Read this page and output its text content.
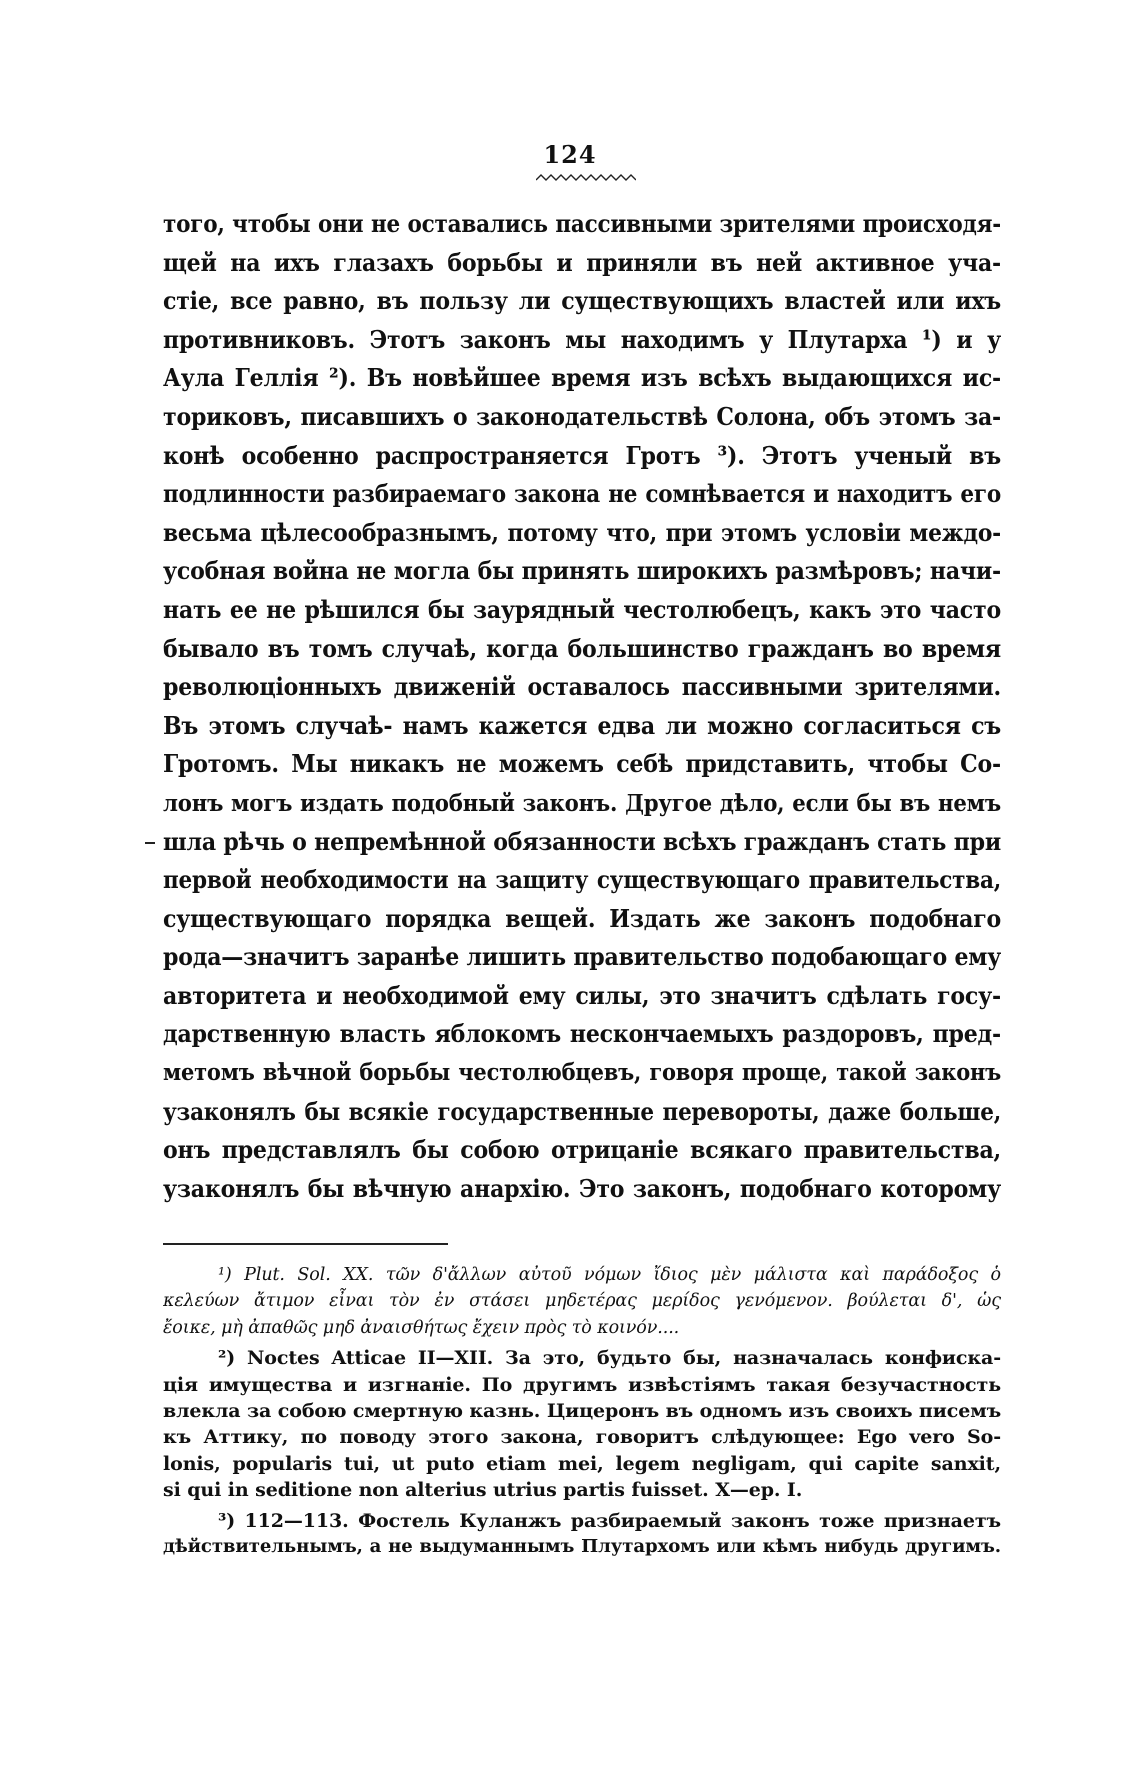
124
того, чтобы они не оставались пассивными зрителями происходя-
щей на ихъ глазахъ борьбы и приняли въ ней активное уча-
стіе, все равно, въ пользу ли существующихъ властей или ихъ
противниковъ. Этотъ законъ мы находимъ у Плутарха ¹) и у
Аула Геллія ²). Въ новѣйшее время изъ всѣхъ выдающихся ис-
ториковъ, писавшихъ о законодательствѣ Солона, объ этомъ за-
конѣ особенно распространяется Гротъ ³). Этотъ ученый въ
подлинности разбираемаго закона не сомнѣвается и находитъ его
весьма цѣлесообразнымъ, потому что, при этомъ условіи междо-
усобная война не могла бы принять широкихъ размѣровъ; начи-
нать ее не рѣшился бы заурядный честолюбецъ, какъ это часто
бывало въ томъ случаѣ, когда большинство гражданъ во время
революціонныхъ движеній оставалось пассивными зрителями.
Въ этомъ случаѣ- намъ кажется едва ли можно согласиться съ
Гротомъ. Мы никакъ не можемъ себѣ придставить, чтобы Со-
лонъ могъ издать подобный законъ. Другое дѣло, если бы въ немъ
шла рѣчь о непремѣнной обязанности всѣхъ гражданъ стать при
первой необходимости на защиту существующаго правительства,
существующаго порядка вещей. Издать же законъ подобнаго
рода—значитъ заранѣе лишить правительство подобающаго ему
авторитета и необходимой ему силы, это значитъ сдѣлать госу-
дарственную власть яблокомъ нескончаемыхъ раздоровъ, пред-
метомъ вѣчной борьбы честолюбцевъ, говоря проще, такой законъ
узаконялъ бы всякіе государственные перевороты, даже больше,
онъ представлялъ бы собою отрицаніе всякаго правительства,
узаконялъ бы вѣчную анархію. Это законъ, подобнаго которому
¹) Plut. Sol. XX. τῶν δ'ἄλλων αὐτοῦ νόμων ἴδιος μὲν μάλιστα καὶ παράδοξος ὁ
κελεύων ἄτιμον εἶναι τὸν ἐν στάσει μηδετέρας μερίδος γενόμενον. βούλεται δ', ὡς
ἔοικε, μὴ ἀπαθῶς μηδ ἀναισθήτως ἔχειν πρὸς τὸ κοινόν....
²) Noctes Atticae II—XII. За это, будьто бы, назначалась конфиска-
ція имущества и изгнаніе. По другимъ извѣстіямъ такая безучастность
влекла за собою смертную казнь. Цицеронъ въ одномъ изъ своихъ писемъ
къ Аттику, по поводу этого закона, говоритъ слѣдующее: Ego vero So-
lonis, popularis tui, ut puto etiam mei, legem negligam, qui capite sanxit,
si qui in seditione non alterius utrius partis fuisset. X—ep. I.
³) 112—113. Фостель Куланжъ разбираемый законъ тоже признаетъ
дѣйствительнымъ, а не выдуманнымъ Плутархомъ или кѣмъ нибудь другимъ.
